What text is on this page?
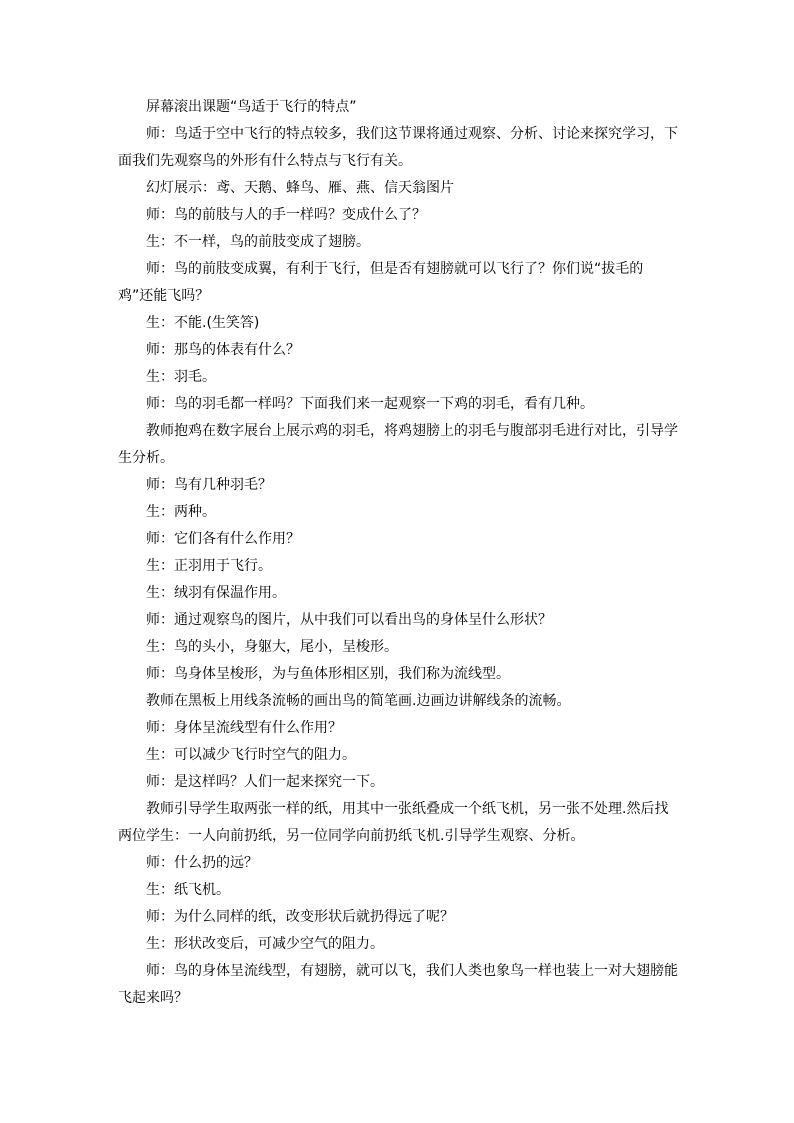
屏幕滚出课题“鸟适于飞行的特点”

师：鸟适于空中飞行的特点较多，我们这节课将通过观察、分析、讨论来探究学习，下面我们先观察鸟的外形有什么特点与飞行有关。

幻灯展示：鸢、天鹅、蜂鸟、雁、燕、信天翁图片

师：鸟的前肢与人的手一样吗？变成什么了？

生：不一样，鸟的前肢变成了翅膀。

师：鸟的前肢变成翼，有利于飞行，但是否有翅膀就可以飞行了？你们说“拔毛的鸡”还能飞吗？

生：不能.(生笑答)

师：那鸟的体表有什么？

生：羽毛。

师：鸟的羽毛都一样吗？下面我们来一起观察一下鸡的羽毛，看有几种。

教师抱鸡在数字展台上展示鸡的羽毛，将鸡翅膀上的羽毛与腹部羽毛进行对比，引导学生分析。

师：鸟有几种羽毛？

生：两种。

师：它们各有什么作用？

生：正羽用于飞行。

生：绒羽有保温作用。

师：通过观察鸟的图片，从中我们可以看出鸟的身体呈什么形状？

生：鸟的头小，身躯大，尾小，呈梭形。

师：鸟身体呈梭形，为与鱼体形相区别，我们称为流线型。

教师在黑板上用线条流畅的画出鸟的简笔画.边画边讲解线条的流畅。

师：身体呈流线型有什么作用？

生：可以减少飞行时空气的阻力。

师：是这样吗？人们一起来探究一下。

教师引导学生取两张一样的纸，用其中一张纸叠成一个纸飞机，另一张不处理.然后找两位学生：一人向前扔纸，另一位同学向前扔纸飞机.引导学生观察、分析。

师：什么扔的远？

生：纸飞机。

师：为什么同样的纸，改变形状后就扔得远了呢？

生：形状改变后，可减少空气的阻力。

师：鸟的身体呈流线型，有翅膀，就可以飞，我们人类也象鸟一样也装上一对大翅膀能飞起来吗？
